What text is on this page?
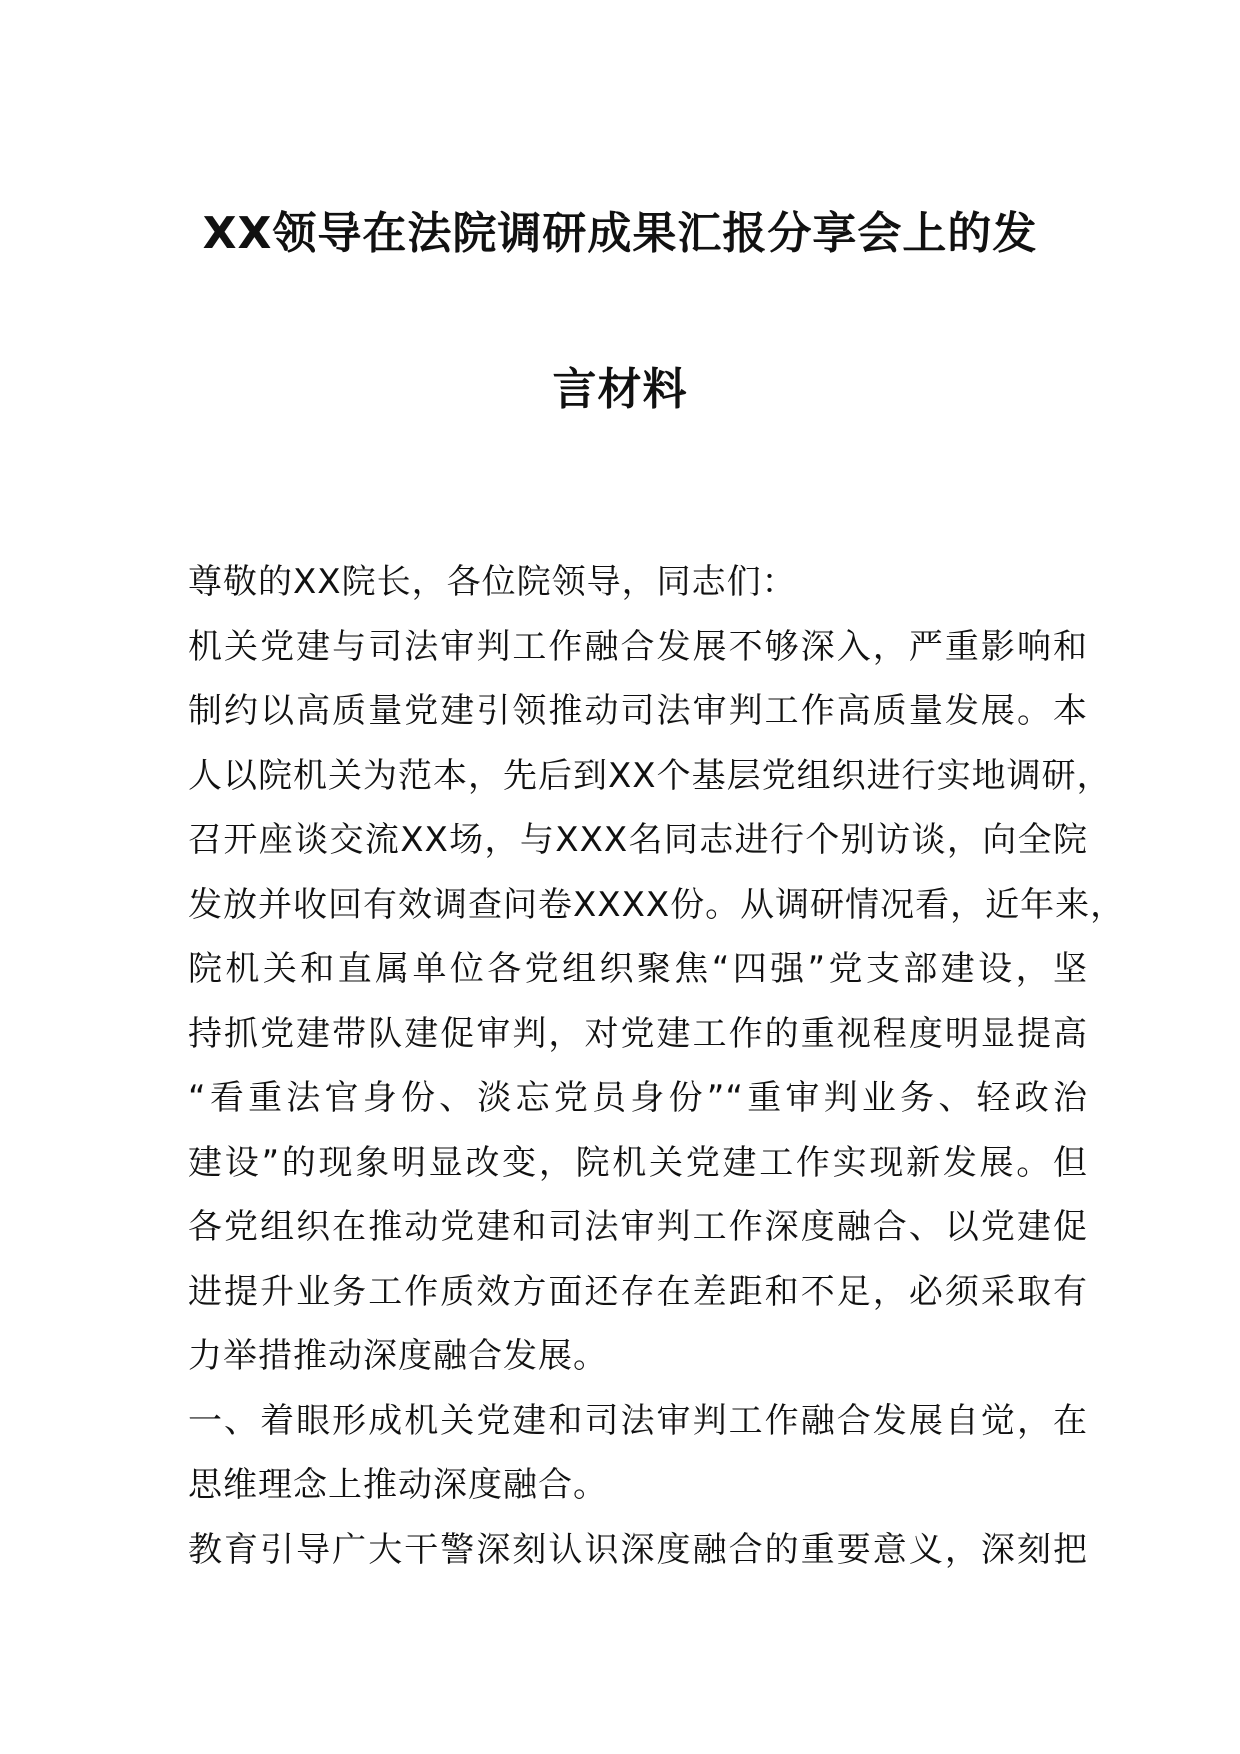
XX领导在法院调研成果汇报分享会上的发
言材料
尊敬的XX院长，各位院领导，同志们：
机关党建与司法审判工作融合发展不够深入，严重影响和
制约以高质量党建引领推动司法审判工作高质量发展。本
人以院机关为范本，先后到XX个基层党组织进行实地调研，
召开座谈交流XX场，与XXX名同志进行个别访谈，向全院
发放并收回有效调查问卷XXXX份。从调研情况看，近年来，
院机关和直属单位各党组织聚焦“四强”党支部建设，坚
持抓党建带队建促审判，对党建工作的重视程度明显提高
“看重法官身份、淡忘党员身份”“重审判业务、轻政治
建设”的现象明显改变，院机关党建工作实现新发展。但
各党组织在推动党建和司法审判工作深度融合、以党建促
进提升业务工作质效方面还存在差距和不足，必须采取有
力举措推动深度融合发展。
一、着眼形成机关党建和司法审判工作融合发展自觉，在
思维理念上推动深度融合。
教育引导广大干警深刻认识深度融合的重要意义，深刻把
